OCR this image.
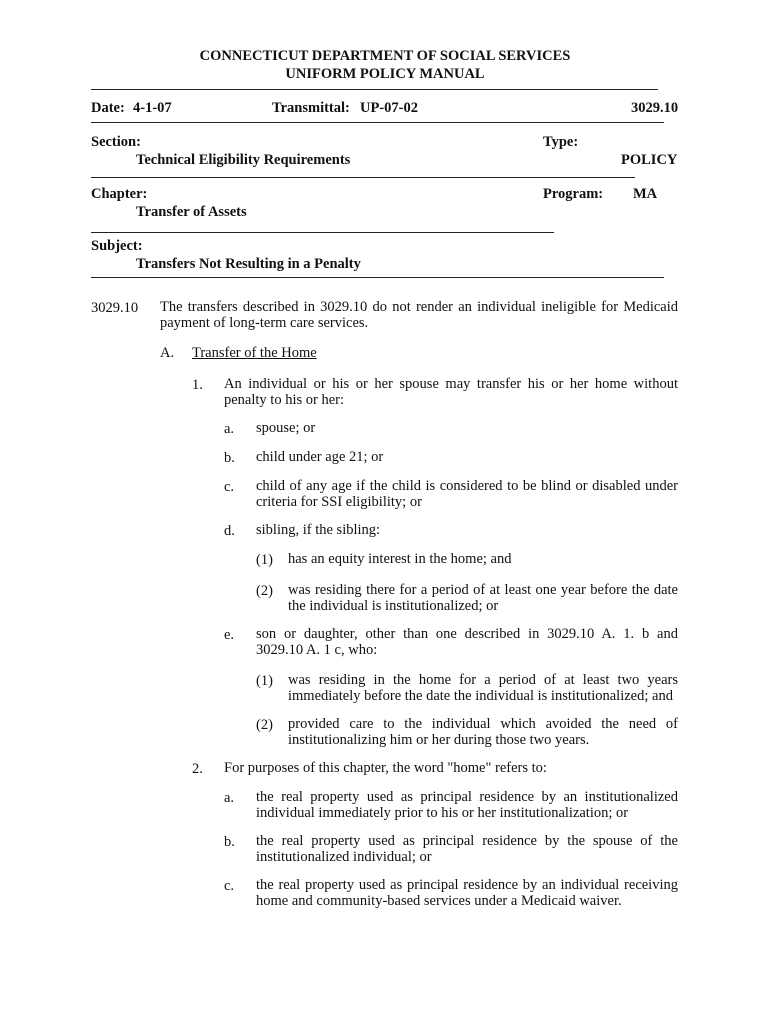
CONNECTICUT DEPARTMENT OF SOCIAL SERVICES
UNIFORM POLICY MANUAL
Date: 4-1-07	Transmittal: UP-07-02	3029.10
Section:
Technical Eligibility Requirements
Type:
POLICY
Chapter:
Transfer of Assets
Program: MA
Subject:
Transfers Not Resulting in a Penalty
3029.10 The transfers described in 3029.10 do not render an individual ineligible for Medicaid payment of long-term care services.
A. Transfer of the Home
1. An individual or his or her spouse may transfer his or her home without penalty to his or her:
a. spouse; or
b. child under age 21; or
c. child of any age if the child is considered to be blind or disabled under criteria for SSI eligibility; or
d. sibling, if the sibling:
(1) has an equity interest in the home; and
(2) was residing there for a period of at least one year before the date the individual is institutionalized; or
e. son or daughter, other than one described in 3029.10 A. 1. b and 3029.10 A. 1 c, who:
(1) was residing in the home for a period of at least two years immediately before the date the individual is institutionalized; and
(2) provided care to the individual which avoided the need of institutionalizing him or her during those two years.
2. For purposes of this chapter, the word "home" refers to:
a. the real property used as principal residence by an institutionalized individual immediately prior to his or her institutionalization; or
b. the real property used as principal residence by the spouse of the institutionalized individual; or
c. the real property used as principal residence by an individual receiving home and community-based services under a Medicaid waiver.
